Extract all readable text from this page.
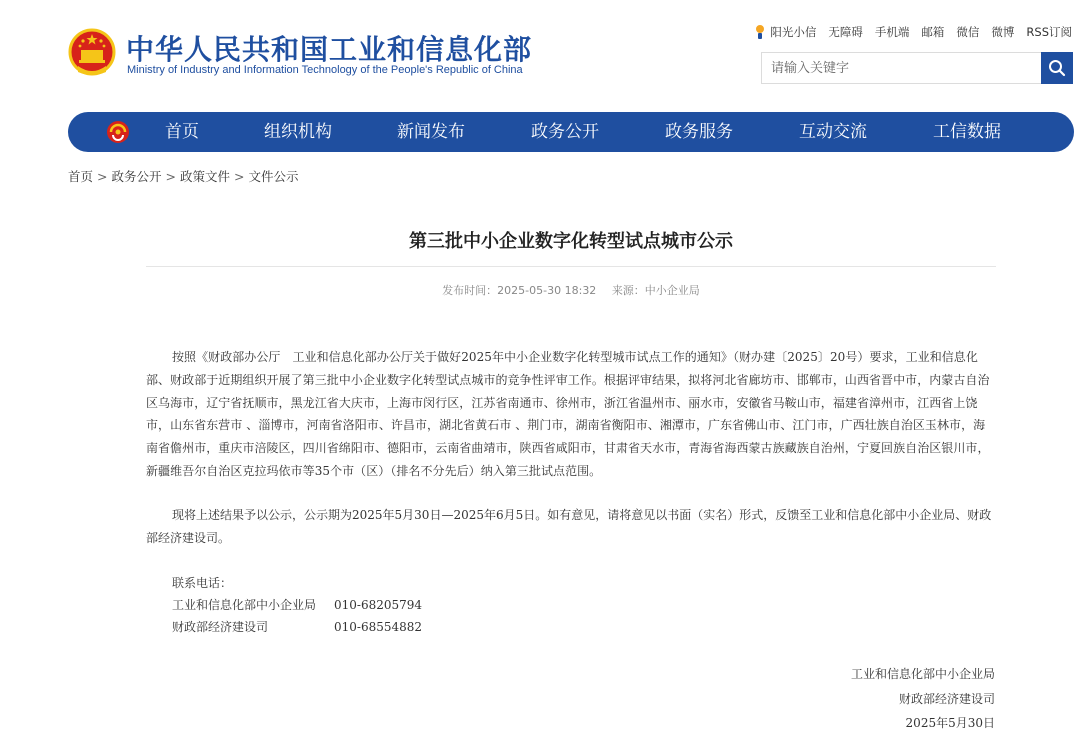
中华人民共和国工业和信息化部
Ministry of Industry and Information Technology of the People's Republic of China
阳光小信 无障碍 手机端 邮箱 微信 微博 RSS订阅
请输入关键字
首页	组织机构	新闻发布	政务公开	政务服务	互动交流	工信数据
首页 > 政务公开 > 政策文件 > 文件公示
第三批中小企业数字化转型试点城市公示
发布时间：2025-05-30 18:32 来源：中小企业局
按照《财政部办公厅　工业和信息化部办公厅关于做好2025年中小企业数字化转型城市试点工作的通知》（财办建〔2025〕20号）要求，工业和信息化部、财政部于近期组织开展了第三批中小企业数字化转型试点城市的竞争性评审工作。根据评审结果，拟将河北省廊坊市、邯郸市，山西省晋中市，内蒙古自治区乌海市，辽宁省抚顺市，黑龙江省大庆市，上海市闵行区，江苏省南通市、徐州市，浙江省温州市、丽水市，安徽省马鞍山市，福建省漳州市，江西省上饶市，山东省东营市 、淄博市，河南省洛阳市、许昌市，湖北省黄石市 、荆门市，湖南省衡阳市、湘潭市，广东省佛山市、江门市，广西壮族自治区玉林市，海南省儋州市，重庆市涪陵区，四川省绵阳市、德阳市，云南省曲靖市，陕西省咸阳市，甘肃省天水市，青海省海西蒙古族藏族自治州，宁夏回族自治区银川市，新疆维吾尔自治区克拉玛依市等35个市（区）（排名不分先后）纳入第三批试点范围。
现将上述结果予以公示，公示期为2025年5月30日—2025年6月5日。如有意见，请将意见以书面（实名）形式，反馈至工业和信息化部中小企业局、财政部经济建设司。
联系电话：
工业和信息化部中小企业局	010-68205794
财政部经济建设司	010-68554882
工业和信息化部中小企业局
财政部经济建设司
2025年5月30日
